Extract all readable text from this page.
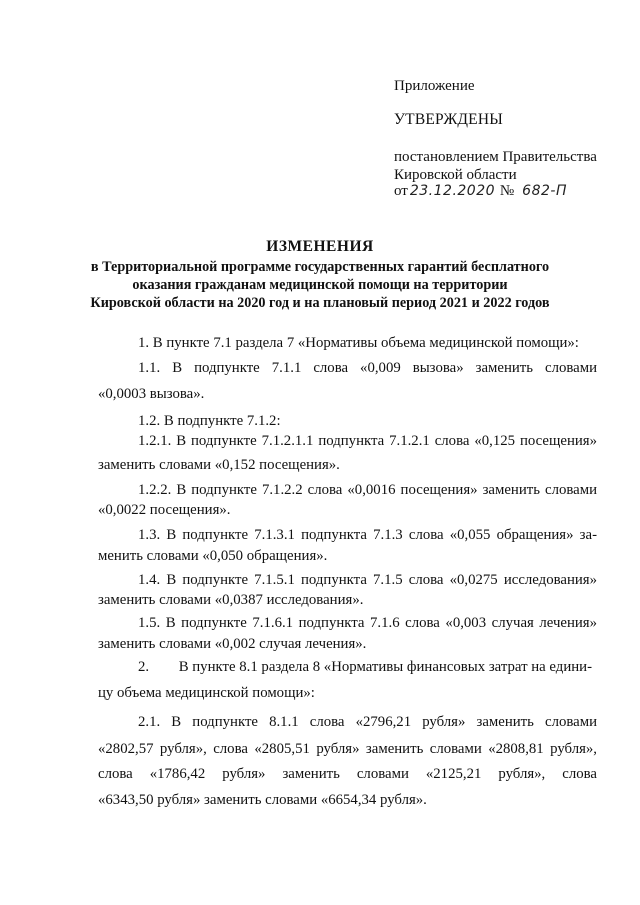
Приложение
УТВЕРЖДЕНЫ
постановлением Правительства
Кировской области
от 23.12.2020 № 682-П
ИЗМЕНЕНИЯ
в Территориальной программе государственных гарантий бесплатного
оказания гражданам медицинской помощи на территории
Кировской области на 2020 год и на плановый период 2021 и 2022 годов
1. В пункте 7.1 раздела 7 «Нормативы объема медицинской помощи»:
1.1. В подпункте 7.1.1 слова «0,009 вызова» заменить словами
«0,0003 вызова».
1.2. В подпункте 7.1.2:
1.2.1. В подпункте 7.1.2.1.1 подпункта 7.1.2.1 слова «0,125 посещения»
заменить словами «0,152 посещения».
1.2.2. В подпункте 7.1.2.2 слова «0,0016 посещения» заменить словами
«0,0022 посещения».
1.3. В подпункте 7.1.3.1 подпункта 7.1.3 слова «0,055 обращения» за-
менить словами «0,050 обращения».
1.4. В подпункте 7.1.5.1 подпункта 7.1.5 слова «0,0275 исследования»
заменить словами «0,0387 исследования».
1.5. В подпункте 7.1.6.1 подпункта 7.1.6 слова «0,003 случая лечения»
заменить словами «0,002 случая лечения».
2.        В пункте 8.1 раздела 8 «Нормативы финансовых затрат на едини-
цу объема медицинской помощи»:
2.1. В подпункте 8.1.1 слова «2796,21 рубля» заменить словами
«2802,57 рубля», слова «2805,51 рубля» заменить словами «2808,81 рубля»,
слова «1786,42 рубля» заменить словами «2125,21 рубля», слова
«6343,50 рубля» заменить словами «6654,34 рубля».
